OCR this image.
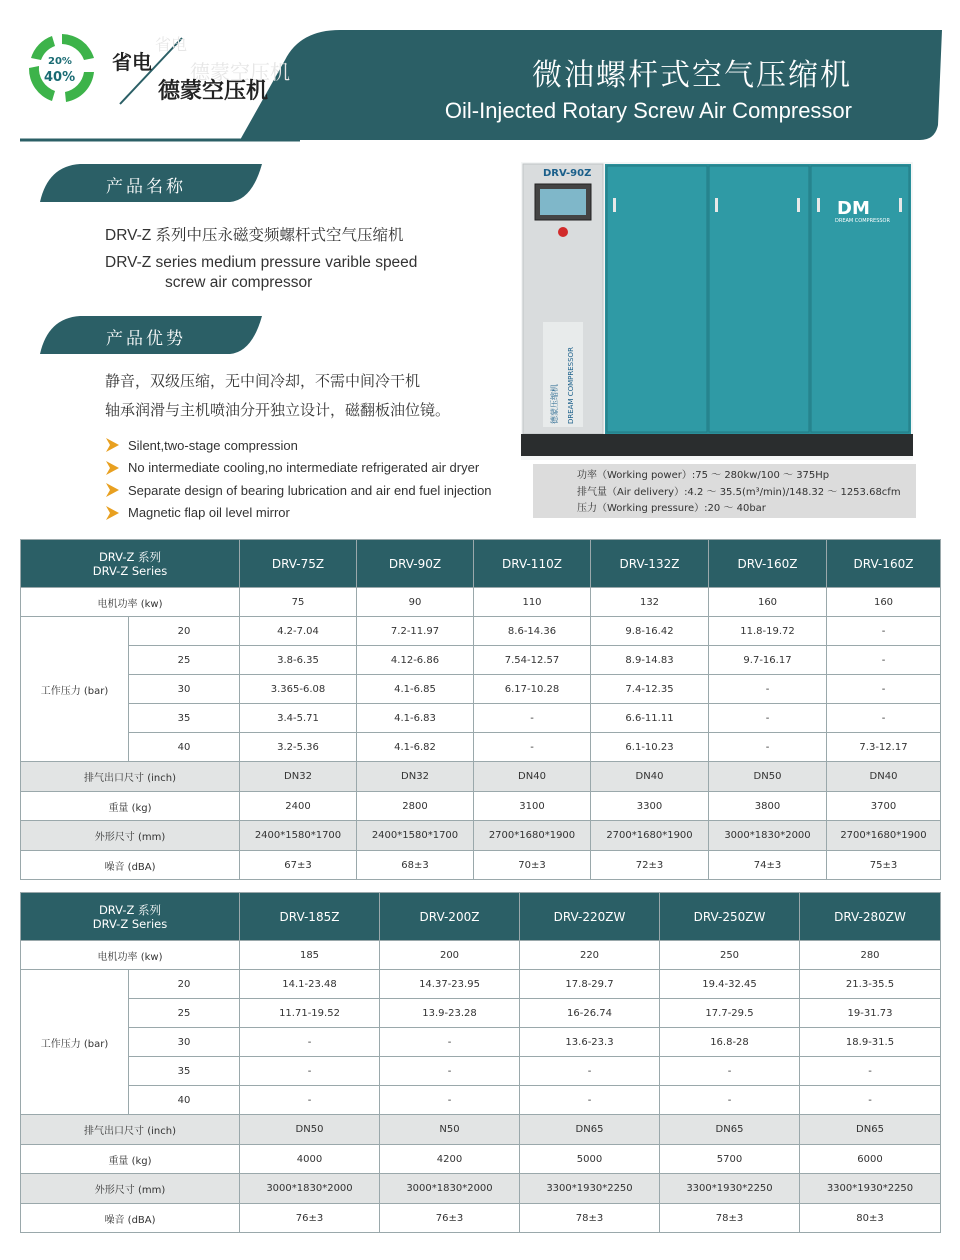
20%
40%
省电
德蒙空压机
省电
德蒙空压机	微油螺杆式空气压缩机
Oil-Injected Rotary Screw Air Compressor
产品名称
DRV-Z 系列中压永磁变频螺杆式空气压缩机
DRV-Z series medium pressure varible speed
screw air compressor
产品优势
静音，双级压缩，无中间冷却，不需中间冷干机
轴承润滑与主机喷油分开独立设计，磁翻板油位镜。
Silent,two-stage compression
No intermediate cooling,no intermediate refrigerated air dryer
Separate design of bearing lubrication and air end fuel injection
Magnetic flap oil level mirror
DRV-90Z
德蒙压缩机 DREAM COMPRESSOR
DM
DREAM COMPRESSOR
功率（Working power）:75 ～ 280kw/100 ～ 375Hp
排气量（Air delivery）:4.2 ～ 35.5(m³/min)/148.32 ～ 1253.68cfm
压力（Working pressure）:20 ～ 40bar
DRV-Z 系列
DRV-Z Series		DRV-75Z	DRV-90Z	DRV-110Z	DRV-132Z	DRV-160Z	DRV-160Z
电机功率 (kw)		75	90	110	132	160	160
工作压力 (bar)	20	4.2-7.04	7.2-11.97	8.6-14.36	9.8-16.42	11.8-19.72	-
	25	3.8-6.35	4.12-6.86	7.54-12.57	8.9-14.83	9.7-16.17	-
	30	3.365-6.08	4.1-6.85	6.17-10.28	7.4-12.35	-	-
	35	3.4-5.71	4.1-6.83	-	6.6-11.11	-	-
	40	3.2-5.36	4.1-6.82	-	6.1-10.23	-	7.3-12.17
排气出口尺寸 (inch)		DN32	DN32	DN40	DN40	DN50	DN40
重量 (kg)		2400	2800	3100	3300	3800	3700
外形尺寸 (mm)		2400*1580*1700	2400*1580*1700	2700*1680*1900	2700*1680*1900	3000*1830*2000	2700*1680*1900
噪音 (dBA)		67±3	68±3	70±3	72±3	74±3	75±3
DRV-Z 系列
DRV-Z Series		DRV-185Z	DRV-200Z	DRV-220ZW	DRV-250ZW	DRV-280ZW
电机功率 (kw)		185	200	220	250	280
工作压力 (bar)	20	14.1-23.48	14.37-23.95	17.8-29.7	19.4-32.45	21.3-35.5
	25	11.71-19.52	13.9-23.28	16-26.74	17.7-29.5	19-31.73
	30	-	-	13.6-23.3	16.8-28	18.9-31.5
	35	-	-	-	-	-
	40	-	-	-	-	-
排气出口尺寸 (inch)		DN50	N50	DN65	DN65	DN65
重量 (kg)		4000	4200	5000	5700	6000
外形尺寸 (mm)		3000*1830*2000	3000*1830*2000	3300*1930*2250	3300*1930*2250	3300*1930*2250
噪音 (dBA)		76±3	76±3	78±3	78±3	80±3
